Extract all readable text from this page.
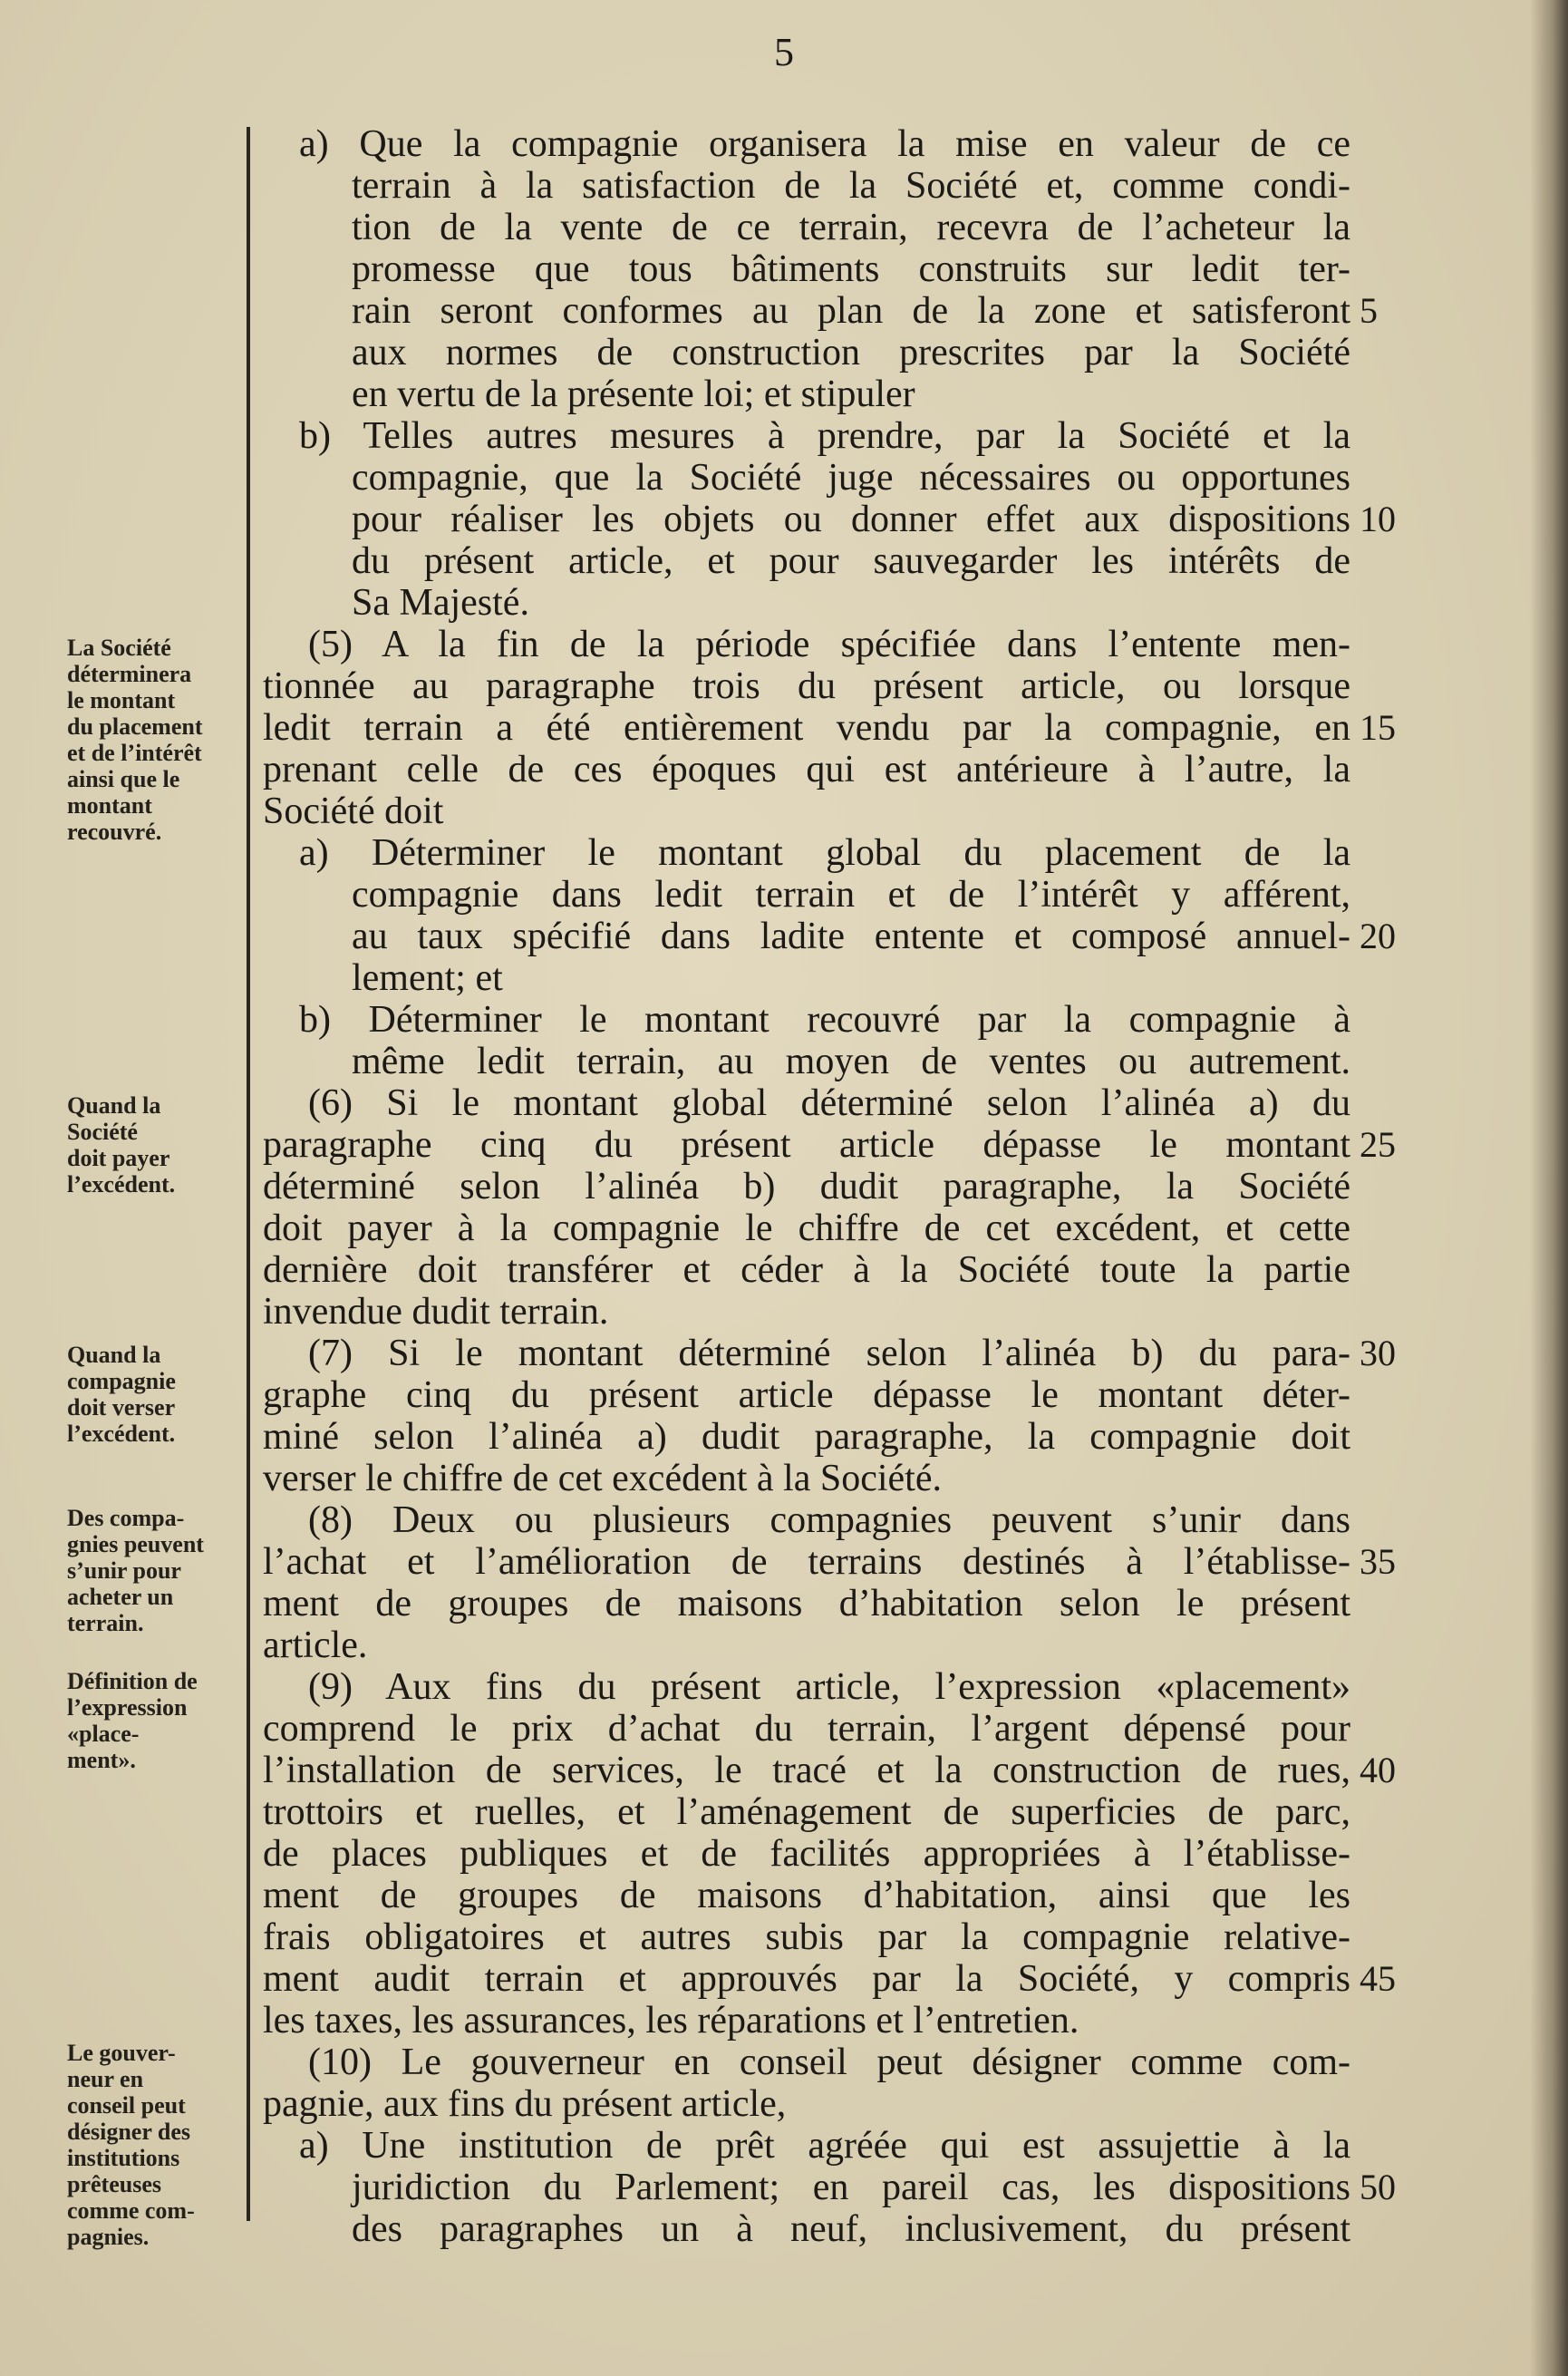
5
La Société
déterminera
le montant
du placement
et de l’intérêt
ainsi que le
montant
recouvré.
Quand la
Société
doit payer
l’excédent.
Quand la
compagnie
doit verser
l’excédent.
Des compa-
gnies peuvent
s’unir pour
acheter un
terrain.
Définition de
l’expression
«place-
ment».
Le gouver-
neur en
conseil peut
désigner des
institutions
prêteuses
comme com-
pagnies.
a) Que la compagnie organisera la mise en valeur de ce
terrain à la satisfaction de la Société et, comme condi-
tion de la vente de ce terrain, recevra de l’acheteur la
promesse que tous bâtiments construits sur ledit ter-
rain seront conformes au plan de la zone et satisferont
aux normes de construction prescrites par la Société
en vertu de la présente loi; et stipuler
b) Telles autres mesures à prendre, par la Société et la
compagnie, que la Société juge nécessaires ou opportunes
pour réaliser les objets ou donner effet aux dispositions
du présent article, et pour sauvegarder les intérêts de
Sa Majesté.
(5) A la fin de la période spécifiée dans l’entente men-
tionnée au paragraphe trois du présent article, ou lorsque
ledit terrain a été entièrement vendu par la compagnie, en
prenant celle de ces époques qui est antérieure à l’autre, la
Société doit
a) Déterminer le montant global du placement de la
compagnie dans ledit terrain et de l’intérêt y afférent,
au taux spécifié dans ladite entente et composé annuel-
lement; et
b) Déterminer le montant recouvré par la compagnie à
même ledit terrain, au moyen de ventes ou autrement.
(6) Si le montant global déterminé selon l’alinéa a) du
paragraphe cinq du présent article dépasse le montant
déterminé selon l’alinéa b) dudit paragraphe, la Société
doit payer à la compagnie le chiffre de cet excédent, et cette
dernière doit transférer et céder à la Société toute la partie
invendue dudit terrain.
(7) Si le montant déterminé selon l’alinéa b) du para-
graphe cinq du présent article dépasse le montant déter-
miné selon l’alinéa a) dudit paragraphe, la compagnie doit
verser le chiffre de cet excédent à la Société.
(8) Deux ou plusieurs compagnies peuvent s’unir dans
l’achat et l’amélioration de terrains destinés à l’établisse-
ment de groupes de maisons d’habitation selon le présent
article.
(9) Aux fins du présent article, l’expression «placement»
comprend le prix d’achat du terrain, l’argent dépensé pour
l’installation de services, le tracé et la construction de rues,
trottoirs et ruelles, et l’aménagement de superficies de parc,
de places publiques et de facilités appropriées à l’établisse-
ment de groupes de maisons d’habitation, ainsi que les
frais obligatoires et autres subis par la compagnie relative-
ment audit terrain et approuvés par la Société, y compris
les taxes, les assurances, les réparations et l’entretien.
(10) Le gouverneur en conseil peut désigner comme com-
pagnie, aux fins du présent article,
a) Une institution de prêt agréée qui est assujettie à la
juridiction du Parlement; en pareil cas, les dispositions
des paragraphes un à neuf, inclusivement, du présent
5
10
15
20
25
30
35
40
45
50
